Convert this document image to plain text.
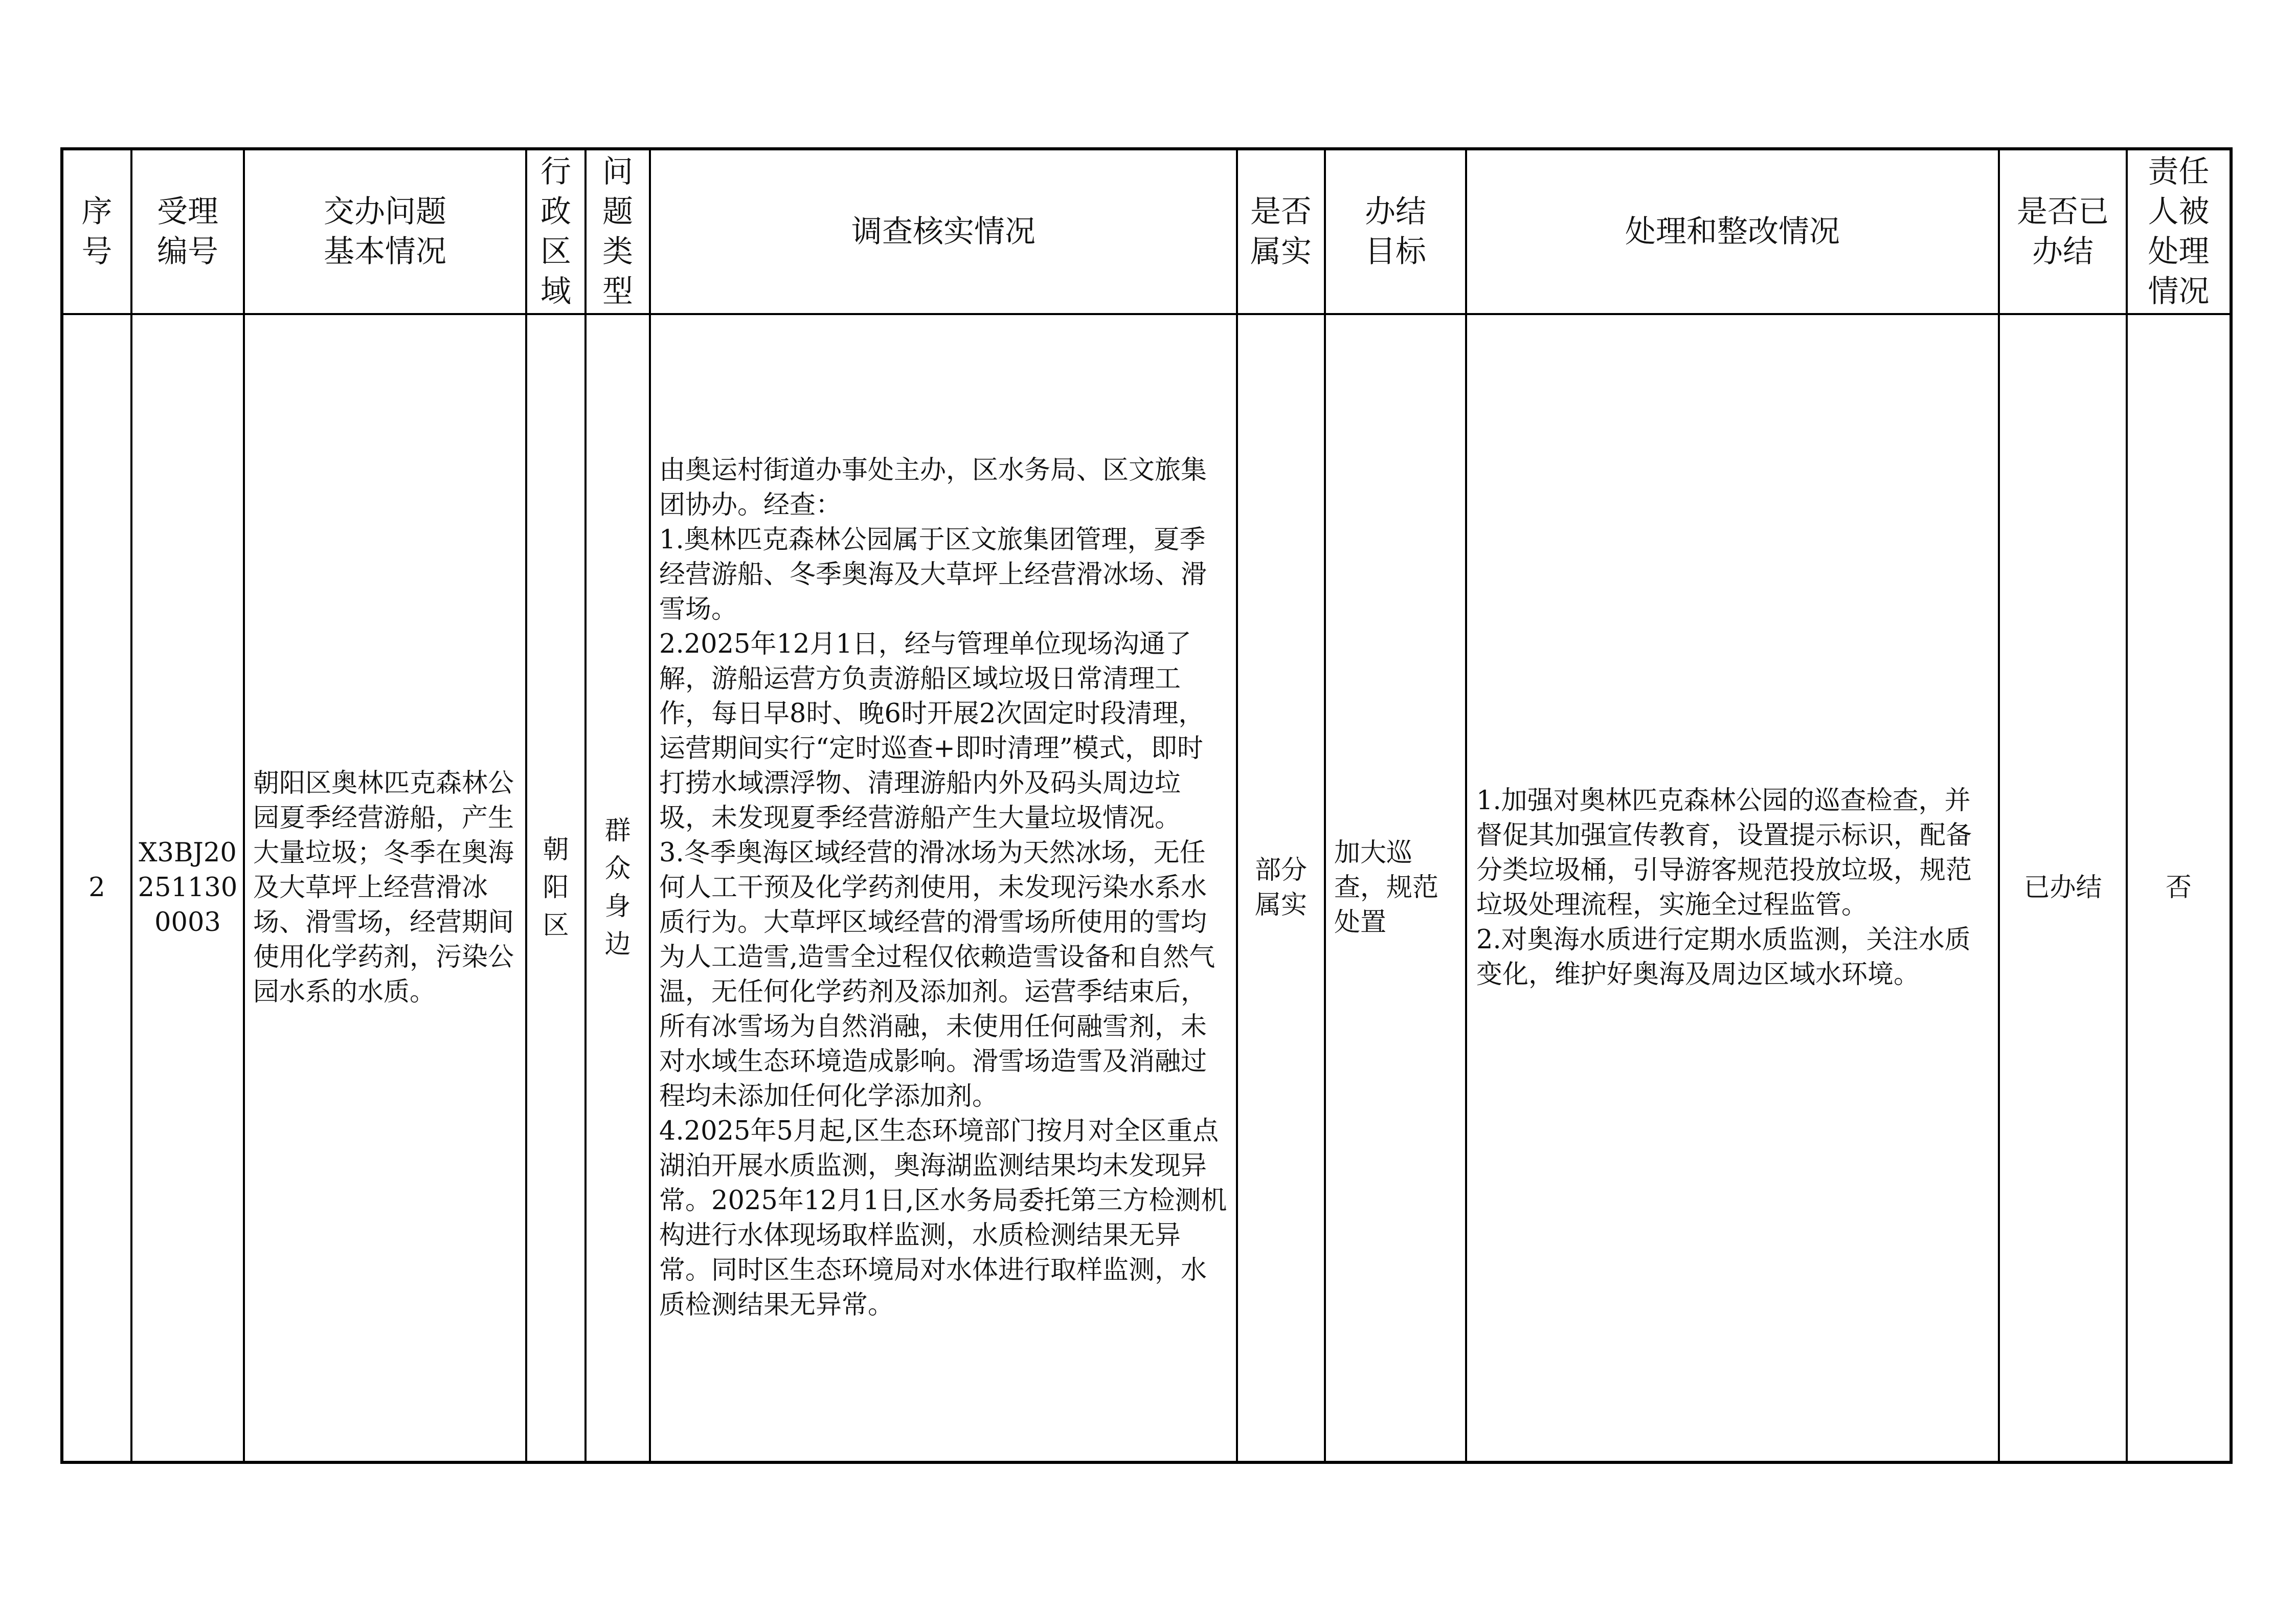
序号	受理编号	交办问题基本情况	行政区域	问题类型	调查核实情况	是否属实	办结目标	处理和整改情况	是否已办结	责任人被处理情况
2	X3BJ20251130 0003	朝阳区奥林匹克森林公园夏季经营游船，产生大量垃圾；冬季在奥海及大草坪上经营滑冰场、滑雪场，经营期间使用化学药剂，污染公园水系的水质。	朝阳区	群众身边	由奥运村街道办事处主办，区水务局、区文旅集团协办。经查：
1.奥林匹克森林公园属于区文旅集团管理，夏季经营游船、冬季奥海及大草坪上经营滑冰场、滑雪场。
2.2025年12月1日，经与管理单位现场沟通了解，游船运营方负责游船区域垃圾日常清理工作，每日早8时、晚6时开展2次固定时段清理，运营期间实行“定时巡查+即时清理”模式，即时打捞水域漂浮物、清理游船内外及码头周边垃圾，未发现夏季经营游船产生大量垃圾情况。
3.冬季奥海区域经营的滑冰场为天然冰场，无任何人工干预及化学药剂使用，未发现污染水系水质行为。大草坪区域经营的滑雪场所使用的雪均为人工造雪,造雪全过程仅依赖造雪设备和自然气温，无任何化学药剂及添加剂。运营季结束后，所有冰雪场为自然消融，未使用任何融雪剂，未对水域生态环境造成影响。滑雪场造雪及消融过程均未添加任何化学添加剂。
4.2025年5月起,区生态环境部门按月对全区重点湖泊开展水质监测，奥海湖监测结果均未发现异常。2025年12月1日,区水务局委托第三方检测机构进行水体现场取样监测，水质检测结果无异常。同时区生态环境局对水体进行取样监测，水质检测结果无异常。	部分属实	加大巡查，规范处置	1.加强对奥林匹克森林公园的巡查检查，并督促其加强宣传教育，设置提示标识，配备分类垃圾桶，引导游客规范投放垃圾，规范垃圾处理流程，实施全过程监管。
2.对奥海水质进行定期水质监测，关注水质变化，维护好奥海及周边区域水环境。	已办结	否
